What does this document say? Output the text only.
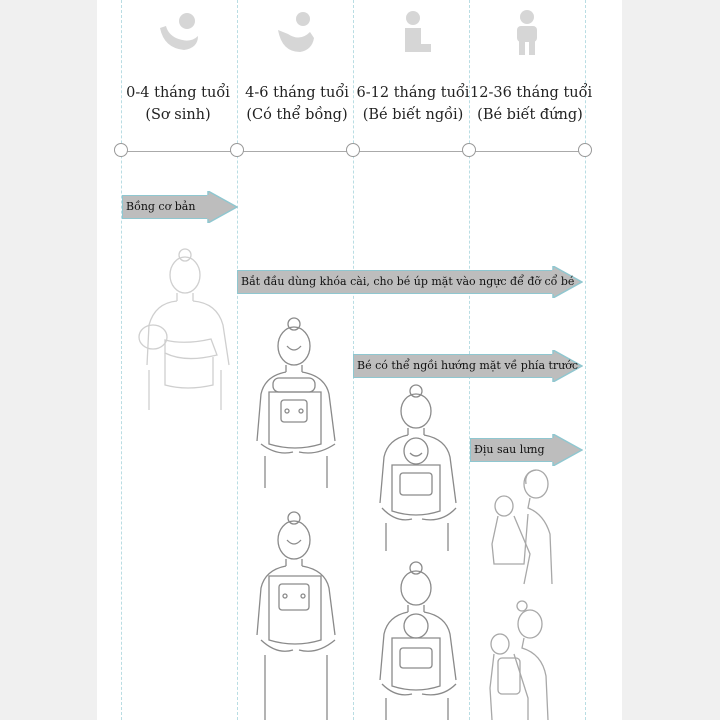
0-4 tháng tuổi
(Sơ sinh)
4-6 tháng tuổi
(Có thể bồng)
6-12 tháng tuổi
(Bé biết ngồi)
12-36 tháng tuổi
(Bé biết đứng)
Bồng cơ bản
Bắt đầu dùng khóa cài, cho bé úp mặt vào ngực để đỡ cổ bé
Bé có thể ngồi hướng mặt về phía trước
Địu sau lưng
